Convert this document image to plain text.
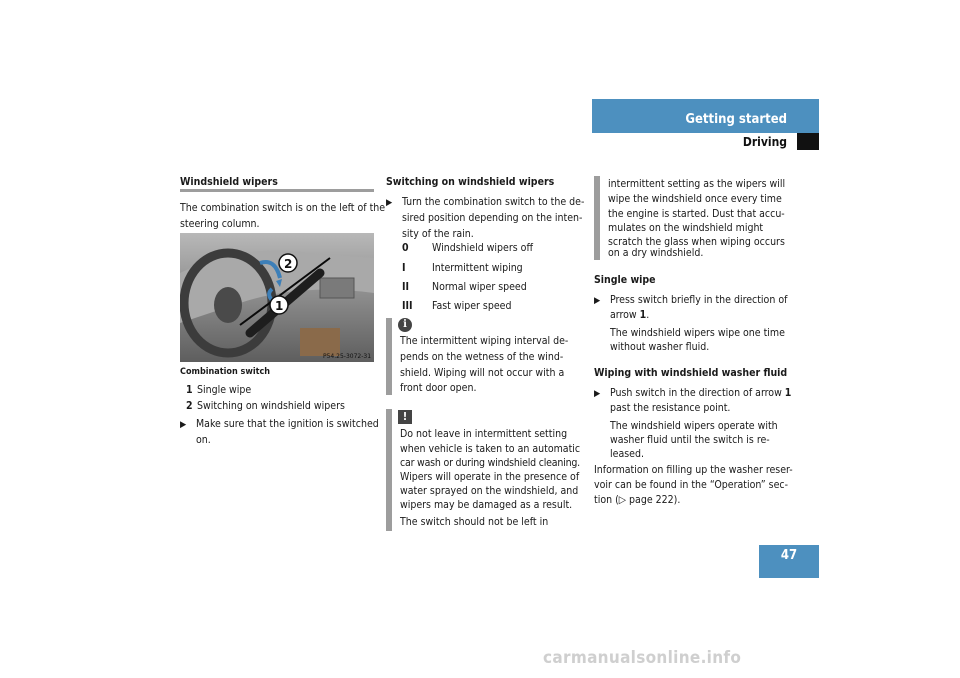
Getting started
Driving
Windshield wipers
The combination switch is on the left of the
steering column.
2
1
P54.25-3072-31
Combination switch
1 Single wipe
2 Switching on windshield wipers
▶ Make sure that the ignition is switched
on.
Switching on windshield wipers
▶ Turn the combination switch to the de-
sired position depending on the inten-
sity of the rain.
0 Windshield wipers off
I	Intermittent wiping
II Normal wiper speed
III Fast wiper speed
i
The intermittent wiping interval de-
pends on the wetness of the wind-
shield. Wiping will not occur with a
front door open.
!
Do not leave in intermittent setting
when vehicle is taken to an automatic
car wash or during windshield cleaning.
Wipers will operate in the presence of
water sprayed on the windshield, and
wipers may be damaged as a result.
The switch should not be left in
intermittent setting as the wipers will
wipe the windshield once every time
the engine is started. Dust that accu-
mulates on the windshield might
scratch the glass when wiping occurs
on a dry windshield.
Single wipe
▶ Press switch briefly in the direction of
arrow 1.
The windshield wipers wipe one time
without washer fluid.
Wiping with windshield washer fluid
▶ Push switch in the direction of arrow 1
past the resistance point.
The windshield wipers operate with
washer fluid until the switch is re-
leased.
Information on filling up the washer reser-
voir can be found in the “Operation” sec-
tion (▷ page 222).
47
carmanualsonline.info
